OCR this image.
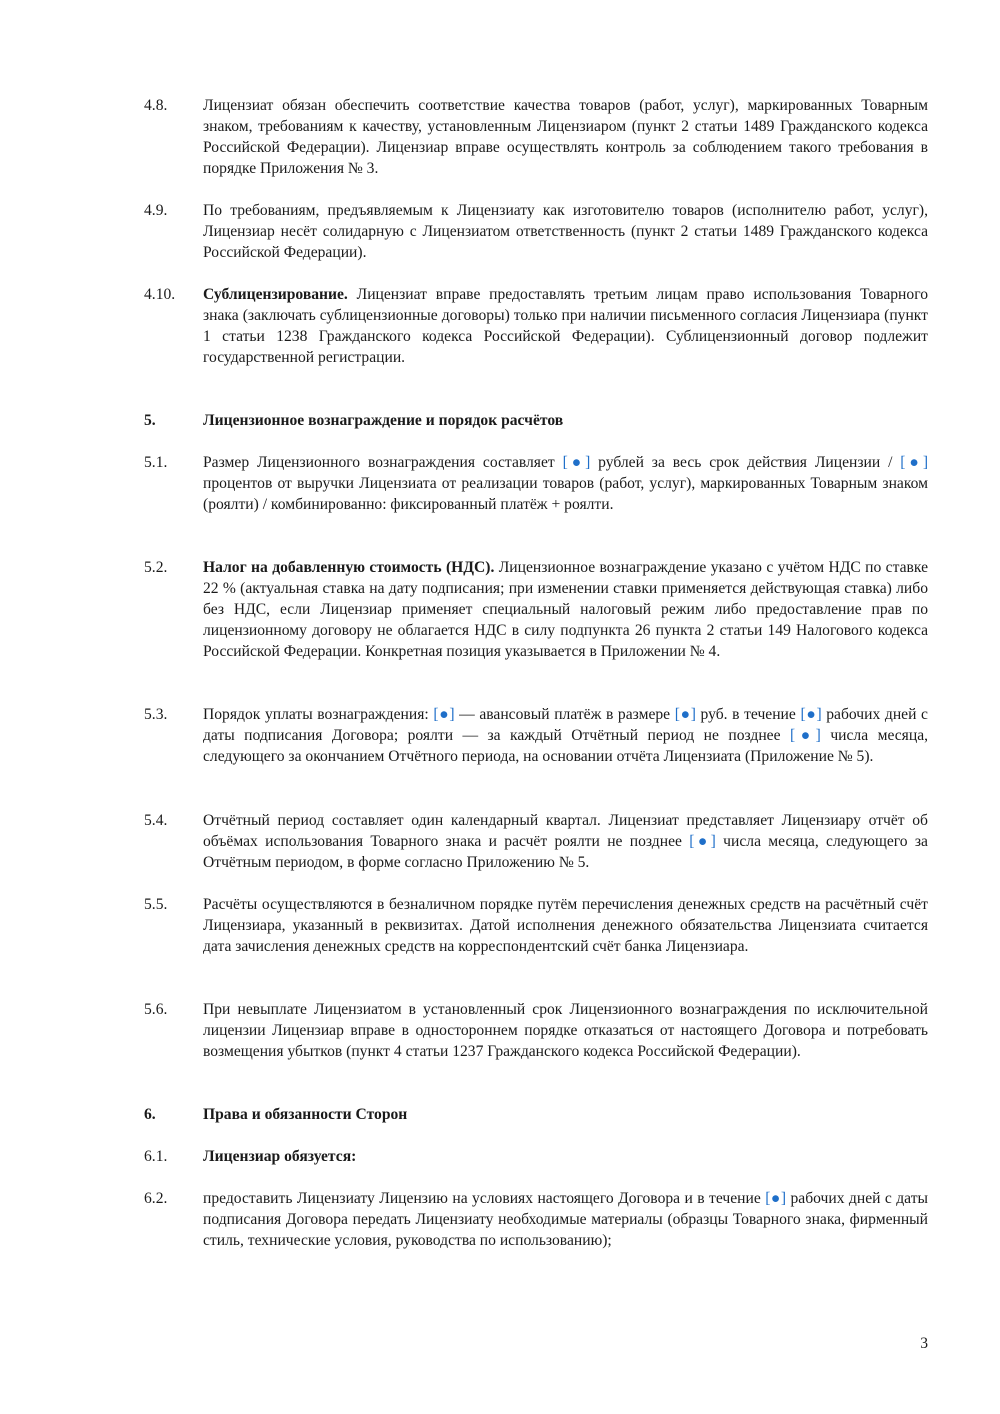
4.8.	Лицензиат обязан обеспечить соответствие качества товаров (работ, услуг), маркированных Товарным знаком, требованиям к качеству, установленным Лицензиаром (пункт 2 статьи 1489 Гражданского кодекса Российской Федерации). Лицензиар вправе осуществлять контроль за соблюдением такого требования в порядке Приложения № 3.
4.9.	По требованиям, предъявляемым к Лицензиату как изготовителю товаров (исполнителю работ, услуг), Лицензиар несёт солидарную с Лицензиатом ответственность (пункт 2 статьи 1489 Гражданского кодекса Российской Федерации).
4.10.	Сублицензирование. Лицензиат вправе предоставлять третьим лицам право использования Товарного знака (заключать сублицензионные договоры) только при наличии письменного согласия Лицензиара (пункт 1 статьи 1238 Гражданского кодекса Российской Федерации). Сублицензионный договор подлежит государственной регистрации.
5.	Лицензионное вознаграждение и порядок расчётов
5.1.	Размер Лицензионного вознаграждения составляет [●] рублей за весь срок действия Лицензии / [●] процентов от выручки Лицензиата от реализации товаров (работ, услуг), маркированных Товарным знаком (роялти) / комбинированно: фиксированный платёж + роялти.
5.2.	Налог на добавленную стоимость (НДС). Лицензионное вознаграждение указано с учётом НДС по ставке 22 % (актуальная ставка на дату подписания; при изменении ставки применяется действующая ставка) либо без НДС, если Лицензиар применяет специальный налоговый режим либо предоставление прав по лицензионному договору не облагается НДС в силу подпункта 26 пункта 2 статьи 149 Налогового кодекса Российской Федерации. Конкретная позиция указывается в Приложении № 4.
5.3.	Порядок уплаты вознаграждения: [●] — авансовый платёж в размере [●] руб. в течение [●] рабочих дней с даты подписания Договора; роялти — за каждый Отчётный период не позднее [●] числа месяца, следующего за окончанием Отчётного периода, на основании отчёта Лицензиата (Приложение № 5).
5.4.	Отчётный период составляет один календарный квартал. Лицензиат представляет Лицензиару отчёт об объёмах использования Товарного знака и расчёт роялти не позднее [●] числа месяца, следующего за Отчётным периодом, в форме согласно Приложению № 5.
5.5.	Расчёты осуществляются в безналичном порядке путём перечисления денежных средств на расчётный счёт Лицензиара, указанный в реквизитах. Датой исполнения денежного обязательства Лицензиата считается дата зачисления денежных средств на корреспондентский счёт банка Лицензиара.
5.6.	При невыплате Лицензиатом в установленный срок Лицензионного вознаграждения по исключительной лицензии Лицензиар вправе в одностороннем порядке отказаться от настоящего Договора и потребовать возмещения убытков (пункт 4 статьи 1237 Гражданского кодекса Российской Федерации).
6.	Права и обязанности Сторон
6.1.	Лицензиар обязуется:
6.2.	предоставить Лицензиату Лицензию на условиях настоящего Договора и в течение [●] рабочих дней с даты подписания Договора передать Лицензиату необходимые материалы (образцы Товарного знака, фирменный стиль, технические условия, руководства по использованию);
3
